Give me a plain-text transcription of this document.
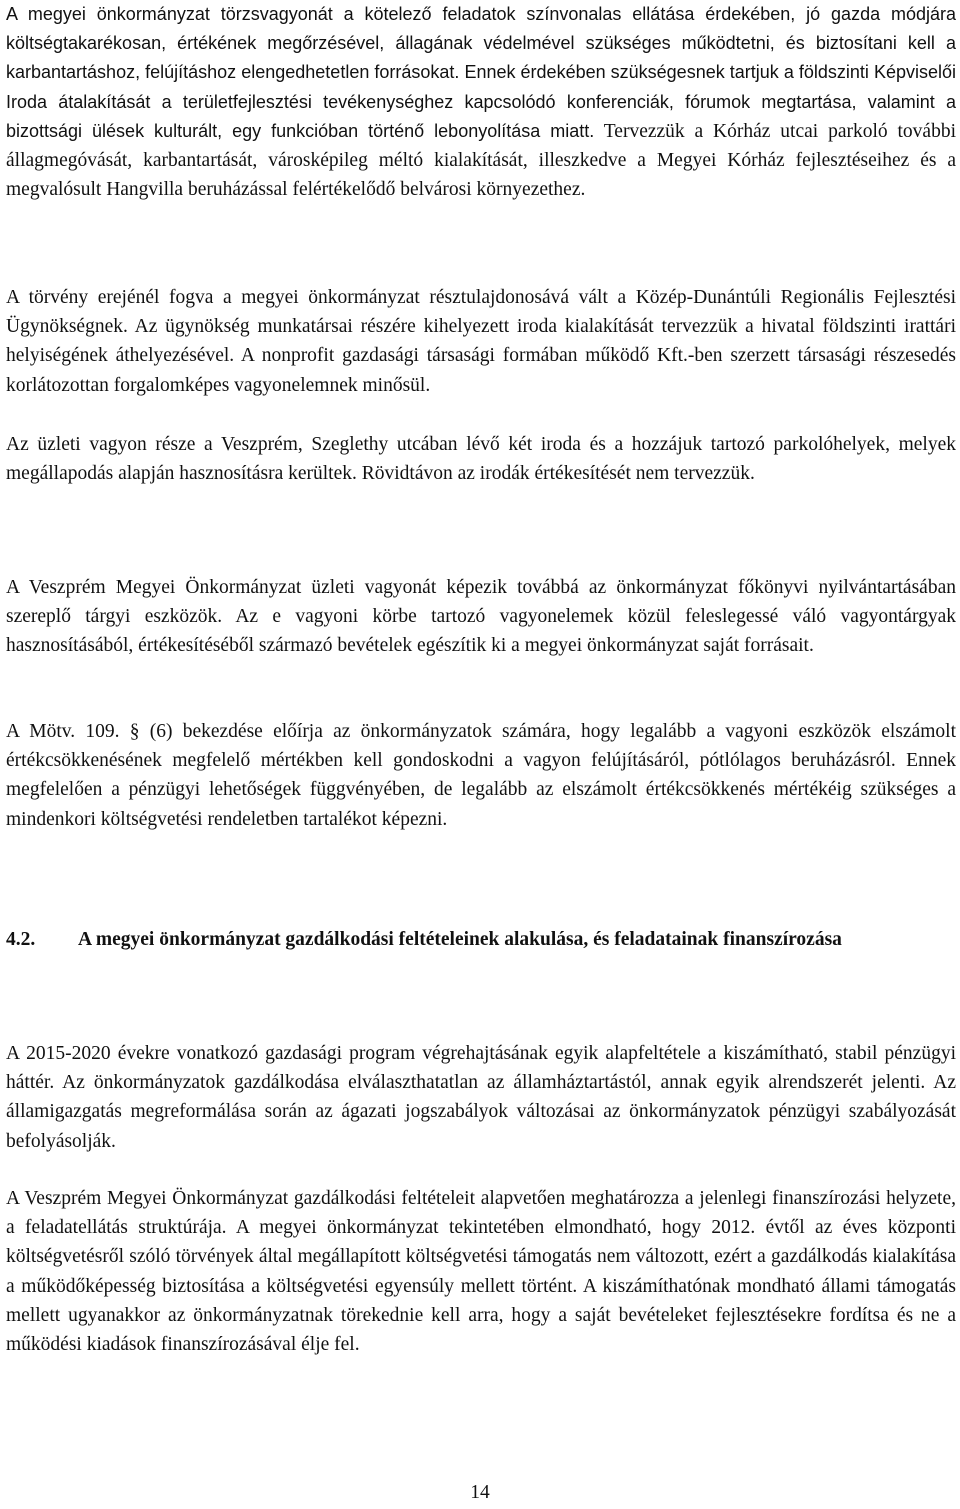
A megyei önkormányzat törzsvagyonát a kötelező feladatok színvonalas ellátása érdekében, jó gazda módjára költségtakarékosan, értékének megőrzésével, állagának védelmével szükséges működtetni, és biztosítani kell a karbantartáshoz, felújításhoz elengedhetetlen forrásokat. Ennek érdekében szükségesnek tartjuk a földszinti Képviselői Iroda átalakítását a területfejlesztési tevékenységhez kapcsolódó konferenciák, fórumok megtartása, valamint a bizottsági ülések kulturált, egy funkcióban történő lebonyolítása miatt. Tervezzük a Kórház utcai parkoló további állagmegóvását, karbantartását, városképileg méltó kialakítását, illeszkedve a Megyei Kórház fejlesztéseihez és a megvalósult Hangvilla beruházással felértékelődő belvárosi környezethez.

A törvény erejénél fogva a megyei önkormányzat résztulajdonosává vált a Közép-Dunántúli Regionális Fejlesztési Ügynökségnek. Az ügynökség munkatársai részére kihelyezett iroda kialakítását tervezzük a hivatal földszinti irattári helyiségének áthelyezésével. A nonprofit gazdasági társasági formában működő Kft.-ben szerzett társasági részesedés korlátozottan forgalomképes vagyonelemnek minősül.

Az üzleti vagyon része a Veszprém, Szeglethy utcában lévő két iroda és a hozzájuk tartozó parkolóhelyek, melyek megállapodás alapján hasznosításra kerültek. Rövidtávon az irodák értékesítését nem tervezzük.

A Veszprém Megyei Önkormányzat üzleti vagyonát képezik továbbá az önkormányzat főkönyvi nyilvántartásában szereplő tárgyi eszközök. Az e vagyoni körbe tartozó vagyonelemek közül feleslegessé váló vagyontárgyak hasznosításából, értékesítéséből származó bevételek egészítik ki a megyei önkormányzat saját forrásait.

A Mötv. 109. § (6) bekezdése előírja az önkormányzatok számára, hogy legalább a vagyoni eszközök elszámolt értékcsökkenésének megfelelő mértékben kell gondoskodni a vagyon felújításáról, pótlólagos beruházásról. Ennek megfelelően a pénzügyi lehetőségek függvényében, de legalább az elszámolt értékcsökkenés mértékéig szükséges a mindenkori költségvetési rendeletben tartalékot képezni.

4.2.	A megyei önkormányzat gazdálkodási feltételeinek alakulása, és feladatainak finanszírozása

A 2015-2020 évekre vonatkozó gazdasági program végrehajtásának egyik alapfeltétele a kiszámítható, stabil pénzügyi háttér. Az önkormányzatok gazdálkodása elválaszthatatlan az államháztartástól, annak egyik alrendszerét jelenti. Az államigazgatás megreformálása során az ágazati jogszabályok változásai az önkormányzatok pénzügyi szabályozását befolyásolják.

A Veszprém Megyei Önkormányzat gazdálkodási feltételeit alapvetően meghatározza a jelenlegi finanszírozási helyzete, a feladatellátás struktúrája. A megyei önkormányzat tekintetében elmondható, hogy 2012. évtől az éves központi költségvetésről szóló törvények által megállapított költségvetési támogatás nem változott, ezért a gazdálkodás kialakítása a működőképesség biztosítása a költségvetési egyensúly mellett történt. A kiszámíthatónak mondható állami támogatás mellett ugyanakkor az önkormányzatnak törekednie kell arra, hogy a saját bevételeket fejlesztésekre fordítsa és ne a működési kiadások finanszírozásával élje fel.

14
